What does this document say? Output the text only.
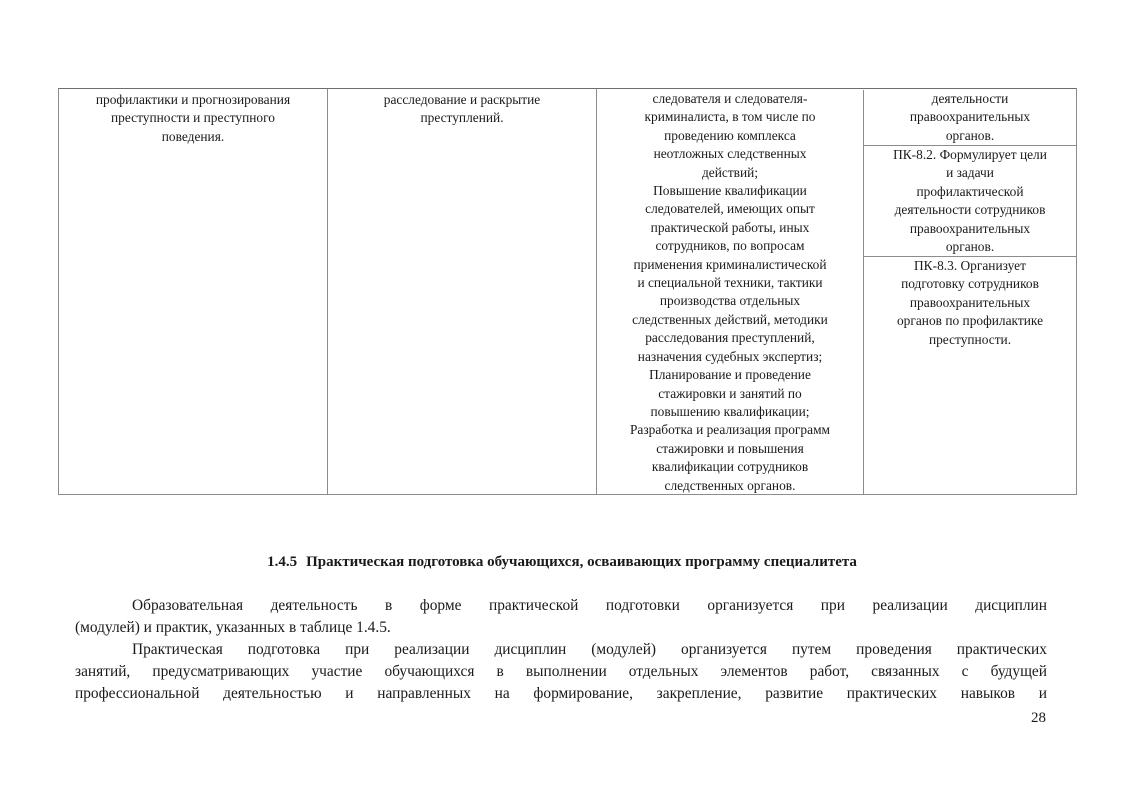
профилактики и прогнозирования
преступности и преступного
поведения.
расследование и раскрытие
преступлений.
следователя и следователя-
криминалиста, в том числе по
проведению комплекса
неотложных следственных
действий;
Повышение квалификации
следователей, имеющих опыт
практической работы, иных
сотрудников, по вопросам
применения криминалистической
и специальной техники, тактики
производства отдельных
следственных действий, методики
расследования преступлений,
назначения судебных экспертиз;
Планирование и проведение
стажировки и занятий по
повышению квалификации;
Разработка и реализация программ
стажировки и повышения
квалификации сотрудников
следственных органов.
деятельности
правоохранительных
органов.
ПК-8.2. Формулирует цели
и задачи
профилактической
деятельности сотрудников
правоохранительных
органов.
ПК-8.3. Организует
подготовку сотрудников
правоохранительных
органов по профилактике
преступности.
1.4.5 Практическая подготовка обучающихся, осваивающих программу специалитета
Образовательная деятельность в форме практической подготовки организуется при реализации дисциплин
(модулей) и практик, указанных в таблице 1.4.5.
Практическая подготовка при реализации дисциплин (модулей) организуется путем проведения практических
занятий, предусматривающих участие обучающихся в выполнении отдельных элементов работ, связанных с будущей
профессиональной деятельностью и направленных на формирование, закрепление, развитие практических навыков и
28
